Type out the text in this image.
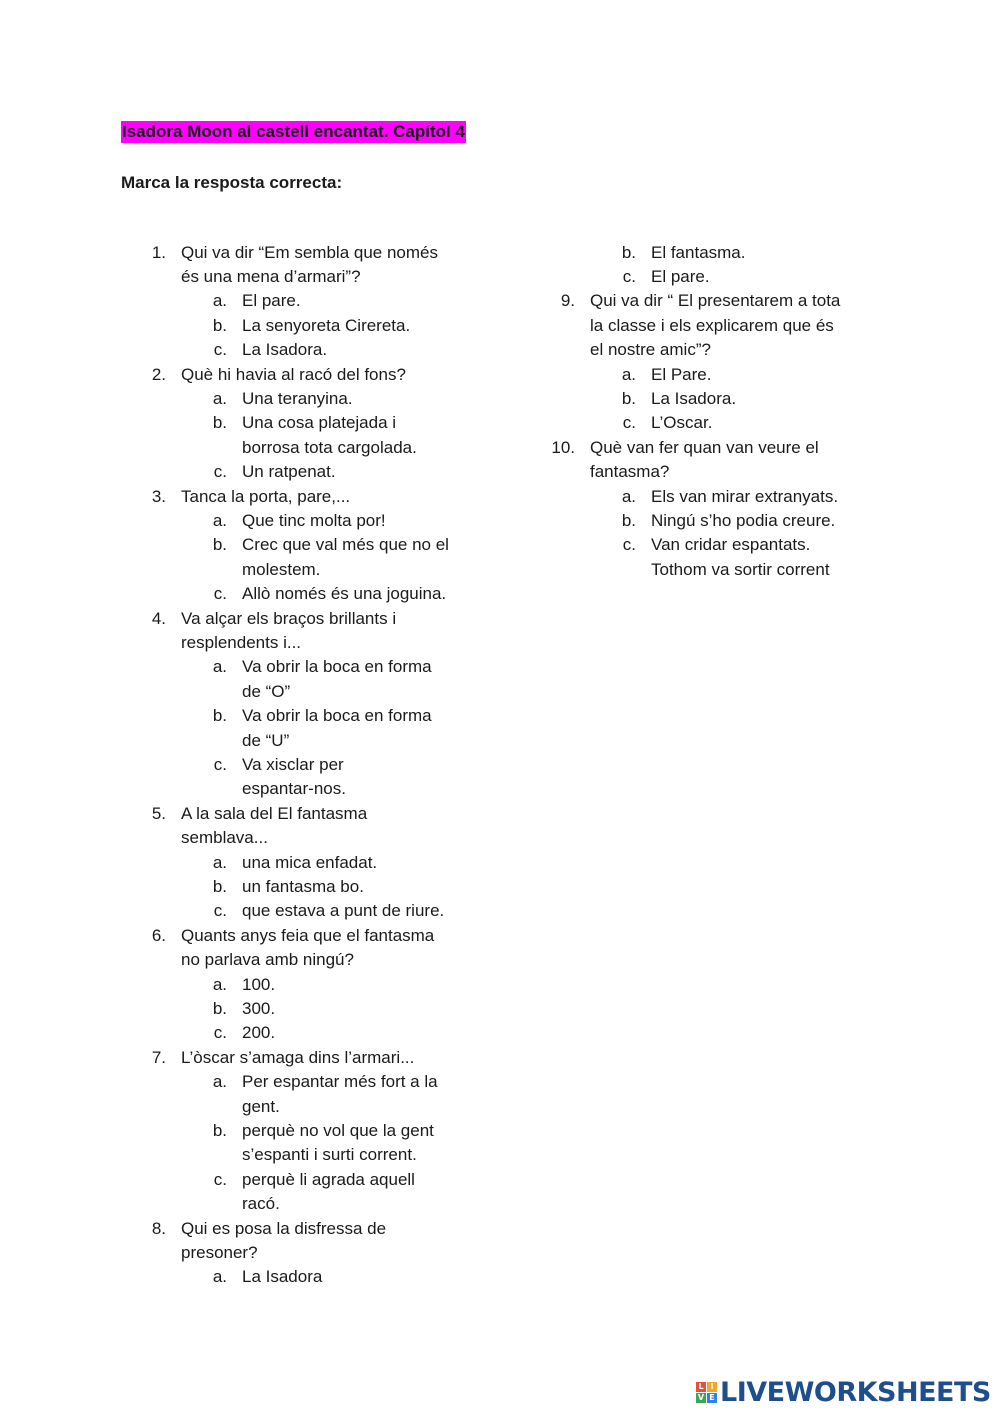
Isadora Moon al castell encantat. Capítol 4
Marca la resposta correcta:
1. Qui va dir “Em sembla que només
és una mena d’armari”?
a. El pare.
b. La senyoreta Cirereta.
c. La Isadora.
2. Què hi havia al racó del fons?
a. Una teranyina.
b. Una cosa platejada i
borrosa tota cargolada.
c. Un ratpenat.
3. Tanca la porta, pare,...
a. Que tinc molta por!
b. Crec que val més que no el
molestem.
c. Allò només és una joguina.
4. Va alçar els braços brillants i
resplendents i...
a. Va obrir la boca en forma
de “O”
b. Va obrir la boca en forma
de “U”
c. Va xisclar per
espantar-nos.
5. A la sala del El fantasma
semblava...
a. una mica enfadat.
b. un fantasma bo.
c. que estava a punt de riure.
6. Quants anys feia que el fantasma
no parlava amb ningú?
a. 100.
b. 300.
c. 200.
7. L’òscar s’amaga dins l’armari...
a. Per espantar més fort a la
gent.
b. perquè no vol que la gent
s’espanti i surti corrent.
c. perquè li agrada aquell
racó.
8. Qui es posa la disfressa de
presoner?
a. La Isadora
b. El fantasma.
c. El pare.
9. Qui va dir “ El presentarem a tota
la classe i els explicarem que és
el nostre amic”?
a. El Pare.
b. La Isadora.
c. L’Oscar.
10. Què van fer quan van veure el
fantasma?
a. Els van mirar extranyats.
b. Ningú s’ho podia creure.
c. Van cridar espantats.
Tothom va sortir corrent
L I
V E LIVEWORKSHEETS
